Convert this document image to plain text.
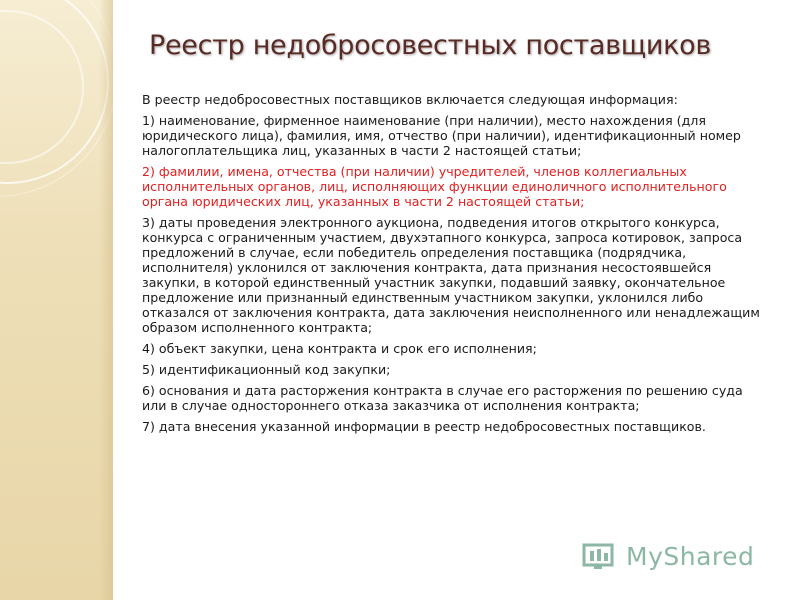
Реестр недобросовестных поставщиков

В реестр недобросовестных поставщиков включается следующая информация:

1) наименование, фирменное наименование (при наличии), место нахождения (для юридического лица), фамилия, имя, отчество (при наличии), идентификационный номер налогоплательщика лиц, указанных в части 2 настоящей статьи;

2) фамилии, имена, отчества (при наличии) учредителей, членов коллегиальных исполнительных органов, лиц, исполняющих функции единоличного исполнительного органа юридических лиц, указанных в части 2 настоящей статьи;

3) даты проведения электронного аукциона, подведения итогов открытого конкурса, конкурса с ограниченным участием, двухэтапного конкурса, запроса котировок, запроса предложений в случае, если победитель определения поставщика (подрядчика, исполнителя) уклонился от заключения контракта, дата признания несостоявшейся закупки, в которой единственный участник закупки, подавший заявку, окончательное предложение или признанный единственным участником закупки, уклонился либо отказался от заключения контракта, дата заключения неисполненного или ненадлежащим образом исполненного контракта;

4) объект закупки, цена контракта и срок его исполнения;

5) идентификационный код закупки;

6) основания и дата расторжения контракта в случае его расторжения по решению суда или в случае одностороннего отказа заказчика от исполнения контракта;

7) дата внесения указанной информации в реестр недобросовестных поставщиков.

MyShared
